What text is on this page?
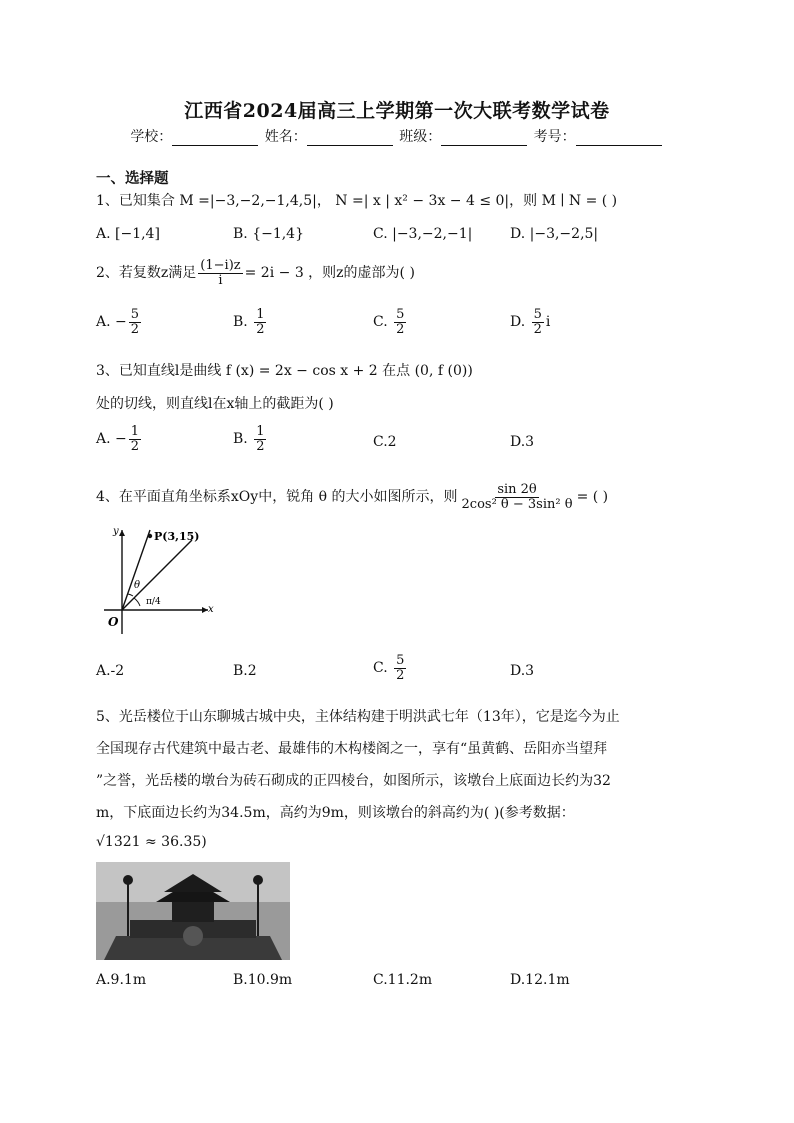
江西省2024届高三上学期第一次大联考数学试卷
学校：	姓名：	班级：	考号：
一、选择题
1、已知集合 M =|−3,−2,−1,4,5|， N =| x | x² − 3x − 4 ≤ 0|，则 M ∣ N = ( )
A. [−1,4]	B. {−1,4}	C. |−3,−2,−1|	D. |−3,−2,5|
2、若复数z满足 $\frac{(1-i)z}{i} = 2i - 3$ ，则z的虚部为( )
A. − $\frac{5}{2}$	B. $\frac{1}{2}$	C. $\frac{5}{2}$	D. $\frac{5}{2}$ i
3、已知直线l是曲线 f (x) = 2x − cos x + 2 在点 (0, f (0))
处的切线，则直线l在x轴上的截距为( )
A. − $\frac{1}{2}$	B. $\frac{1}{2}$	C.2	D.3
4、在平面直角坐标系xOy中，锐角 θ 的大小如图所示，则 $\frac{\sin 2\theta}{\text{2cos² θ − 3sin² θ}}$ = ( )
P(3,15)
y
x
O
θ
π/4
A.-2	B.2	C. $\frac{5}{2}$	D.3
5、光岳楼位于山东聊城古城中央，主体结构建于明洪武七年（13年），它是迄今为止
全国现存古代建筑中最古老、最雄伟的木构楼阁之一，享有“虽黄鹤、岳阳亦当望拜
”之誉，光岳楼的墩台为砖石砌成的正四棱台，如图所示，该墩台上底面边长约为32
m，下底面边长约为34.5m，高约为9m，则该墩台的斜高约为( )(参考数据：
√1321 ≈ 36.35)
A.9.1m	B.10.9m	C.11.2m	D.12.1m
